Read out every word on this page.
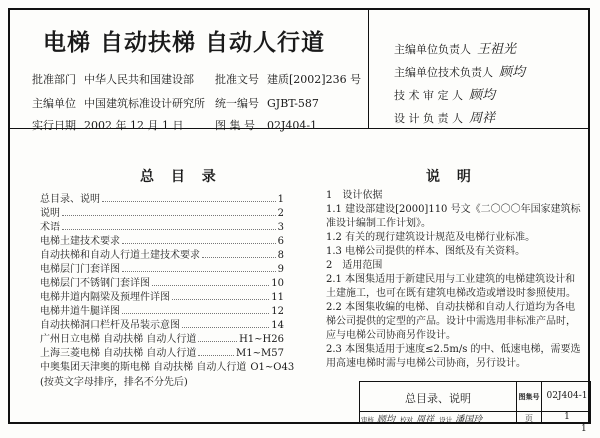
电梯 自动扶梯 自动人行道
批准部门 中华人民共和国建设部 批准文号 建质[2002]236 号
主编单位 中国建筑标准设计研究所 统一编号 GJBT-587
实行日期 2002 年 12 月 1 日	图 集 号 02J404-1
主编单位负责人 王祖光
主编单位技术负责人 顾均
技 术 审 定 人 顾均
设 计 负 责 人 周祥
总 目 录
总目录、说明	1
说明	2
术语	3
电梯土建技术要求	6
自动扶梯和自动人行道土建技术要求	8
电梯层门门套详图	9
电梯层门不锈钢门套详图	10
电梯井道内隔梁及预埋件详图	11
电梯井道牛腿详图	12
自动扶梯洞口栏杆及吊装示意图	14
广州日立电梯 自动扶梯 自动人行道	H1~H26
上海三菱电梯 自动扶梯 自动人行道	M1~M57
中奥集团天津奥的斯电梯 自动扶梯 自动人行道 O1~O43
(按英文字母排序，排名不分先后)
说 明
1　设计依据
1.1 建设部建设[2000]110 号文《二〇〇〇年国家建筑标准设计编制工作计划》。
1.2 有关的现行建筑设计规范及电梯行业标准。
1.3 电梯公司提供的样本、图纸及有关资料。
2　适用范围
2.1 本图集适用于新建民用与工业建筑的电梯建筑设计和土建施工，也可在既有建筑电梯改造或增设时参照使用。
2.2 本图集收编的电梯、自动扶梯和自动人行道均为各电梯公司提供的定型的产品。设计中需选用非标准产品时，应与电梯公司协商另作设计。
2.3 本图集适用于速度≤2.5m/s 的中、低速电梯，需要选用高速电梯时需与电梯公司协商，另行设计。
总目录、说明	图集号 02J404-1
审核 顾均 校对 周祥 设计 潘国玲	页	1
1
